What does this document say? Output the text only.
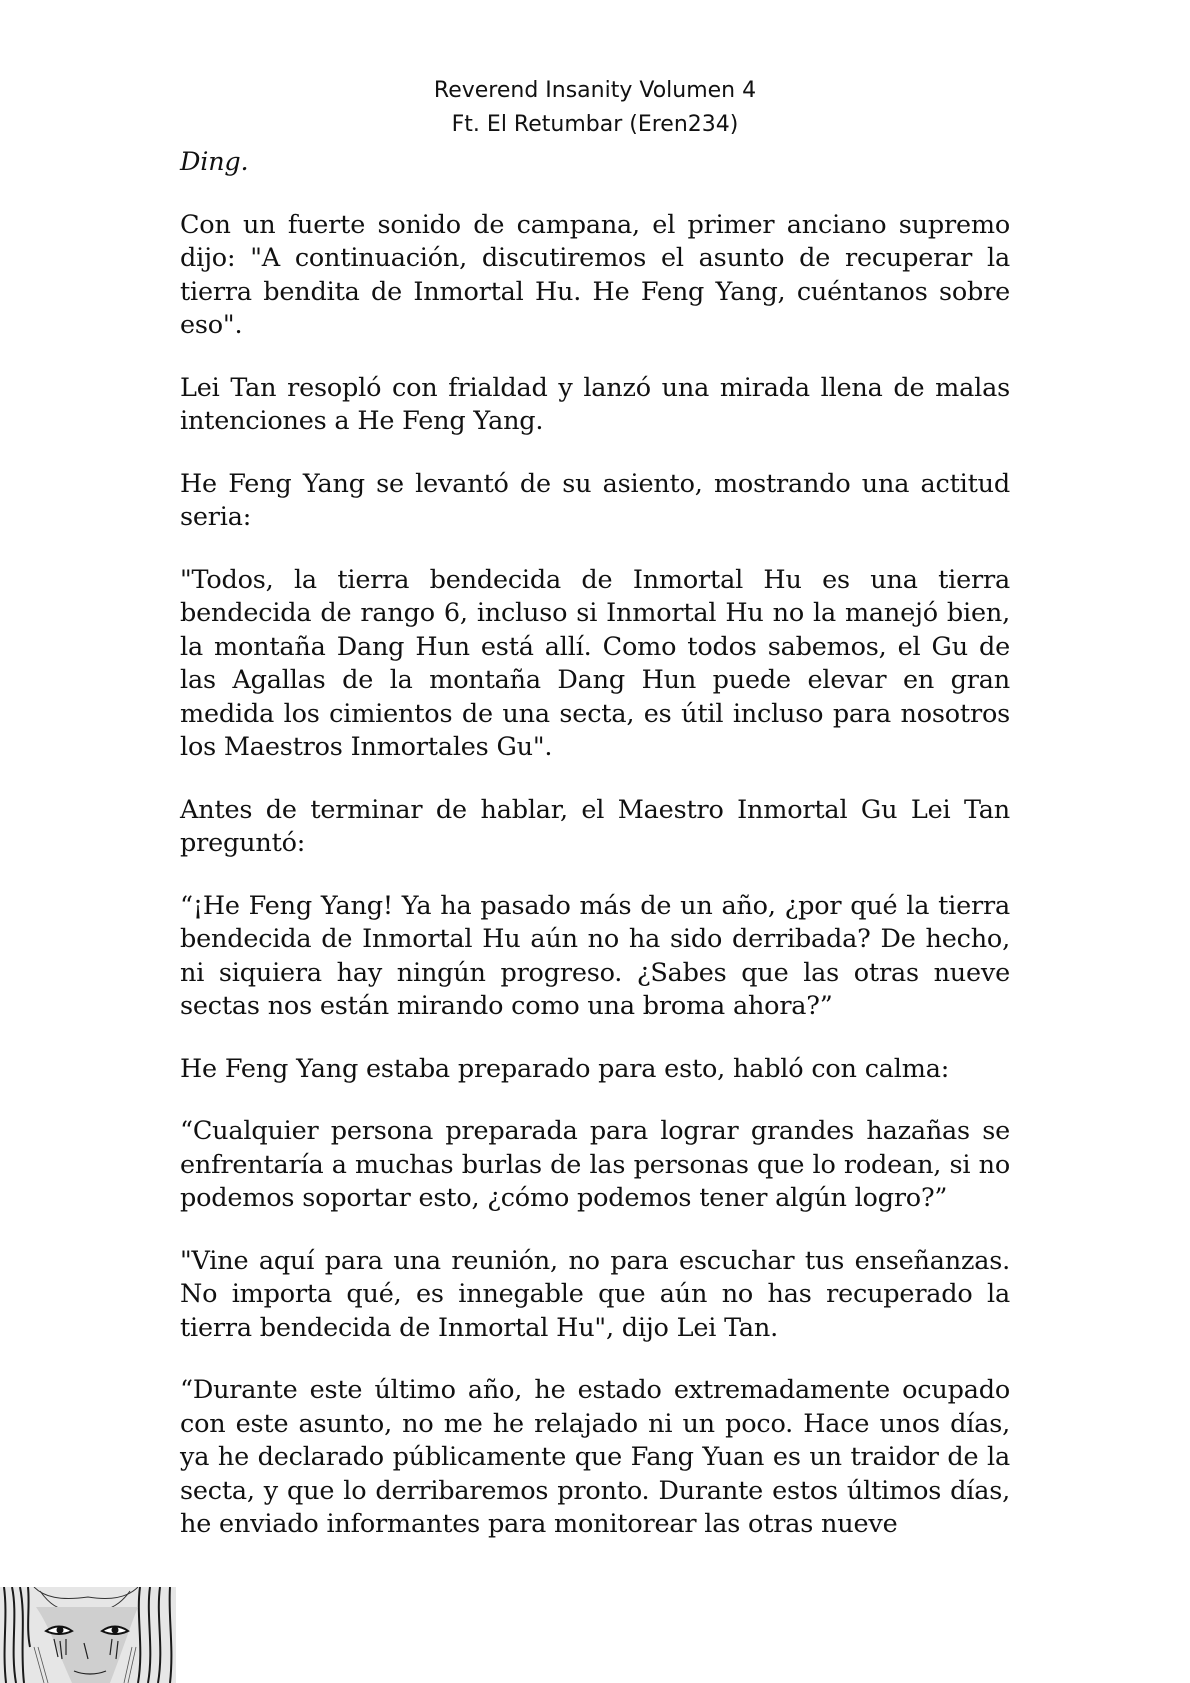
Reverend Insanity Volumen 4
Ft. El Retumbar (Eren234)

Ding.

Con un fuerte sonido de campana, el primer anciano supremo dijo: "A continuación, discutiremos el asunto de recuperar la tierra bendita de Inmortal Hu. He Feng Yang, cuéntanos sobre eso".

Lei Tan resopló con frialdad y lanzó una mirada llena de malas intenciones a He Feng Yang.

He Feng Yang se levantó de su asiento, mostrando una actitud seria:

"Todos, la tierra bendecida de Inmortal Hu es una tierra bendecida de rango 6, incluso si Inmortal Hu no la manejó bien, la montaña Dang Hun está allí. Como todos sabemos, el Gu de las Agallas de la montaña Dang Hun puede elevar en gran medida los cimientos de una secta, es útil incluso para nosotros los Maestros Inmortales Gu".

Antes de terminar de hablar, el Maestro Inmortal Gu Lei Tan preguntó:

“¡He Feng Yang! Ya ha pasado más de un año, ¿por qué la tierra bendecida de Inmortal Hu aún no ha sido derribada? De hecho, ni siquiera hay ningún progreso. ¿Sabes que las otras nueve sectas nos están mirando como una broma ahora?”

He Feng Yang estaba preparado para esto, habló con calma:

“Cualquier persona preparada para lograr grandes hazañas se enfrentaría a muchas burlas de las personas que lo rodean, si no podemos soportar esto, ¿cómo podemos tener algún logro?”

"Vine aquí para una reunión, no para escuchar tus enseñanzas. No importa qué, es innegable que aún no has recuperado la tierra bendecida de Inmortal Hu", dijo Lei Tan.

“Durante este último año, he estado extremadamente ocupado con este asunto, no me he relajado ni un poco. Hace unos días, ya he declarado públicamente que Fang Yuan es un traidor de la secta, y que lo derribaremos pronto. Durante estos últimos días, he enviado informantes para monitorear las otras nueve
